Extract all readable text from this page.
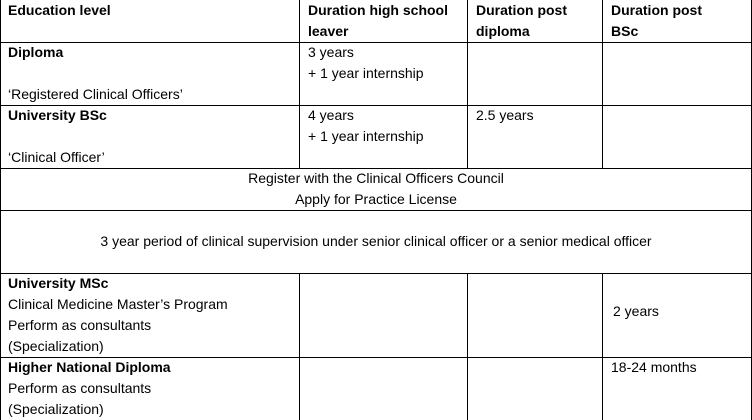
Education level	Duration high school
leaver
Duration post
diploma
Duration post
BSc
Diploma

‘Registered Clinical Officers’
3 years
+ 1 year internship
University BSc

‘Clinical Officer’
4 years
+ 1 year internship
2.5 years
Register with the Clinical Officers Council
Apply for Practice License
3 year period of clinical supervision under senior clinical officer or a senior medical officer
University MSc
Clinical Medicine Master’s Program
Perform as consultants
(Specialization)
2 years
Higher National Diploma
Perform as consultants
(Specialization)
18-24 months
